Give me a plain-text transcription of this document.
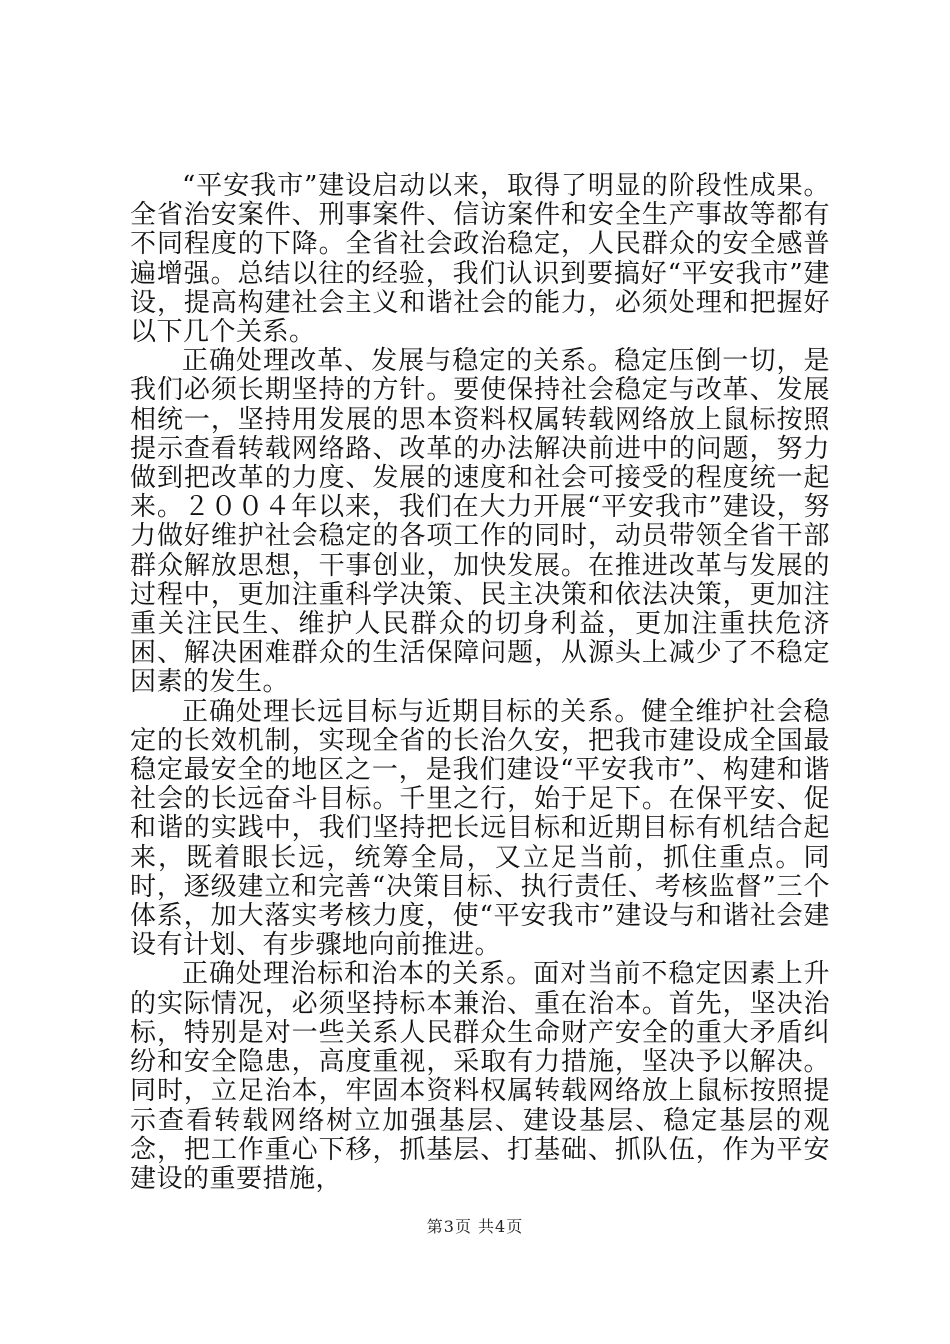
“平安我市”建设启动以来，取得了明显的阶段性成果。全省治安案件、刑事案件、信访案件和安全生产事故等都有不同程度的下降。全省社会政治稳定，人民群众的安全感普遍增强。总结以往的经验，我们认识到要搞好“平安我市”建设，提高构建社会主义和谐社会的能力，必须处理和把握好以下几个关系。

正确处理改革、发展与稳定的关系。稳定压倒一切，是我们必须长期坚持的方针。要使保持社会稳定与改革、发展相统一，坚持用发展的思本资料权属转载网络放上鼠标按照提示查看转载网络路、改革的办法解决前进中的问题，努力做到把改革的力度、发展的速度和社会可接受的程度统一起来。２００４年以来，我们在大力开展“平安我市”建设，努力做好维护社会稳定的各项工作的同时，动员带领全省干部群众解放思想，干事创业，加快发展。在推进改革与发展的过程中，更加注重科学决策、民主决策和依法决策，更加注重关注民生、维护人民群众的切身利益，更加注重扶危济困、解决困难群众的生活保障问题，从源头上减少了不稳定因素的发生。

正确处理长远目标与近期目标的关系。健全维护社会稳定的长效机制，实现全省的长治久安，把我市建设成全国最稳定最安全的地区之一，是我们建设“平安我市”、构建和谐社会的长远奋斗目标。千里之行，始于足下。在保平安、促和谐的实践中，我们坚持把长远目标和近期目标有机结合起来，既着眼长远，统筹全局，又立足当前，抓住重点。同时，逐级建立和完善“决策目标、执行责任、考核监督”三个体系，加大落实考核力度，使“平安我市”建设与和谐社会建设有计划、有步骤地向前推进。

正确处理治标和治本的关系。面对当前不稳定因素上升的实际情况，必须坚持标本兼治、重在治本。首先，坚决治标，特别是对一些关系人民群众生命财产安全的重大矛盾纠纷和安全隐患，高度重视，采取有力措施，坚决予以解决。同时，立足治本，牢固本资料权属转载网络放上鼠标按照提示查看转载网络树立加强基层、建设基层、稳定基层的观念，把工作重心下移，抓基层、打基础、抓队伍，作为平安建设的重要措施，

第3页 共4页
